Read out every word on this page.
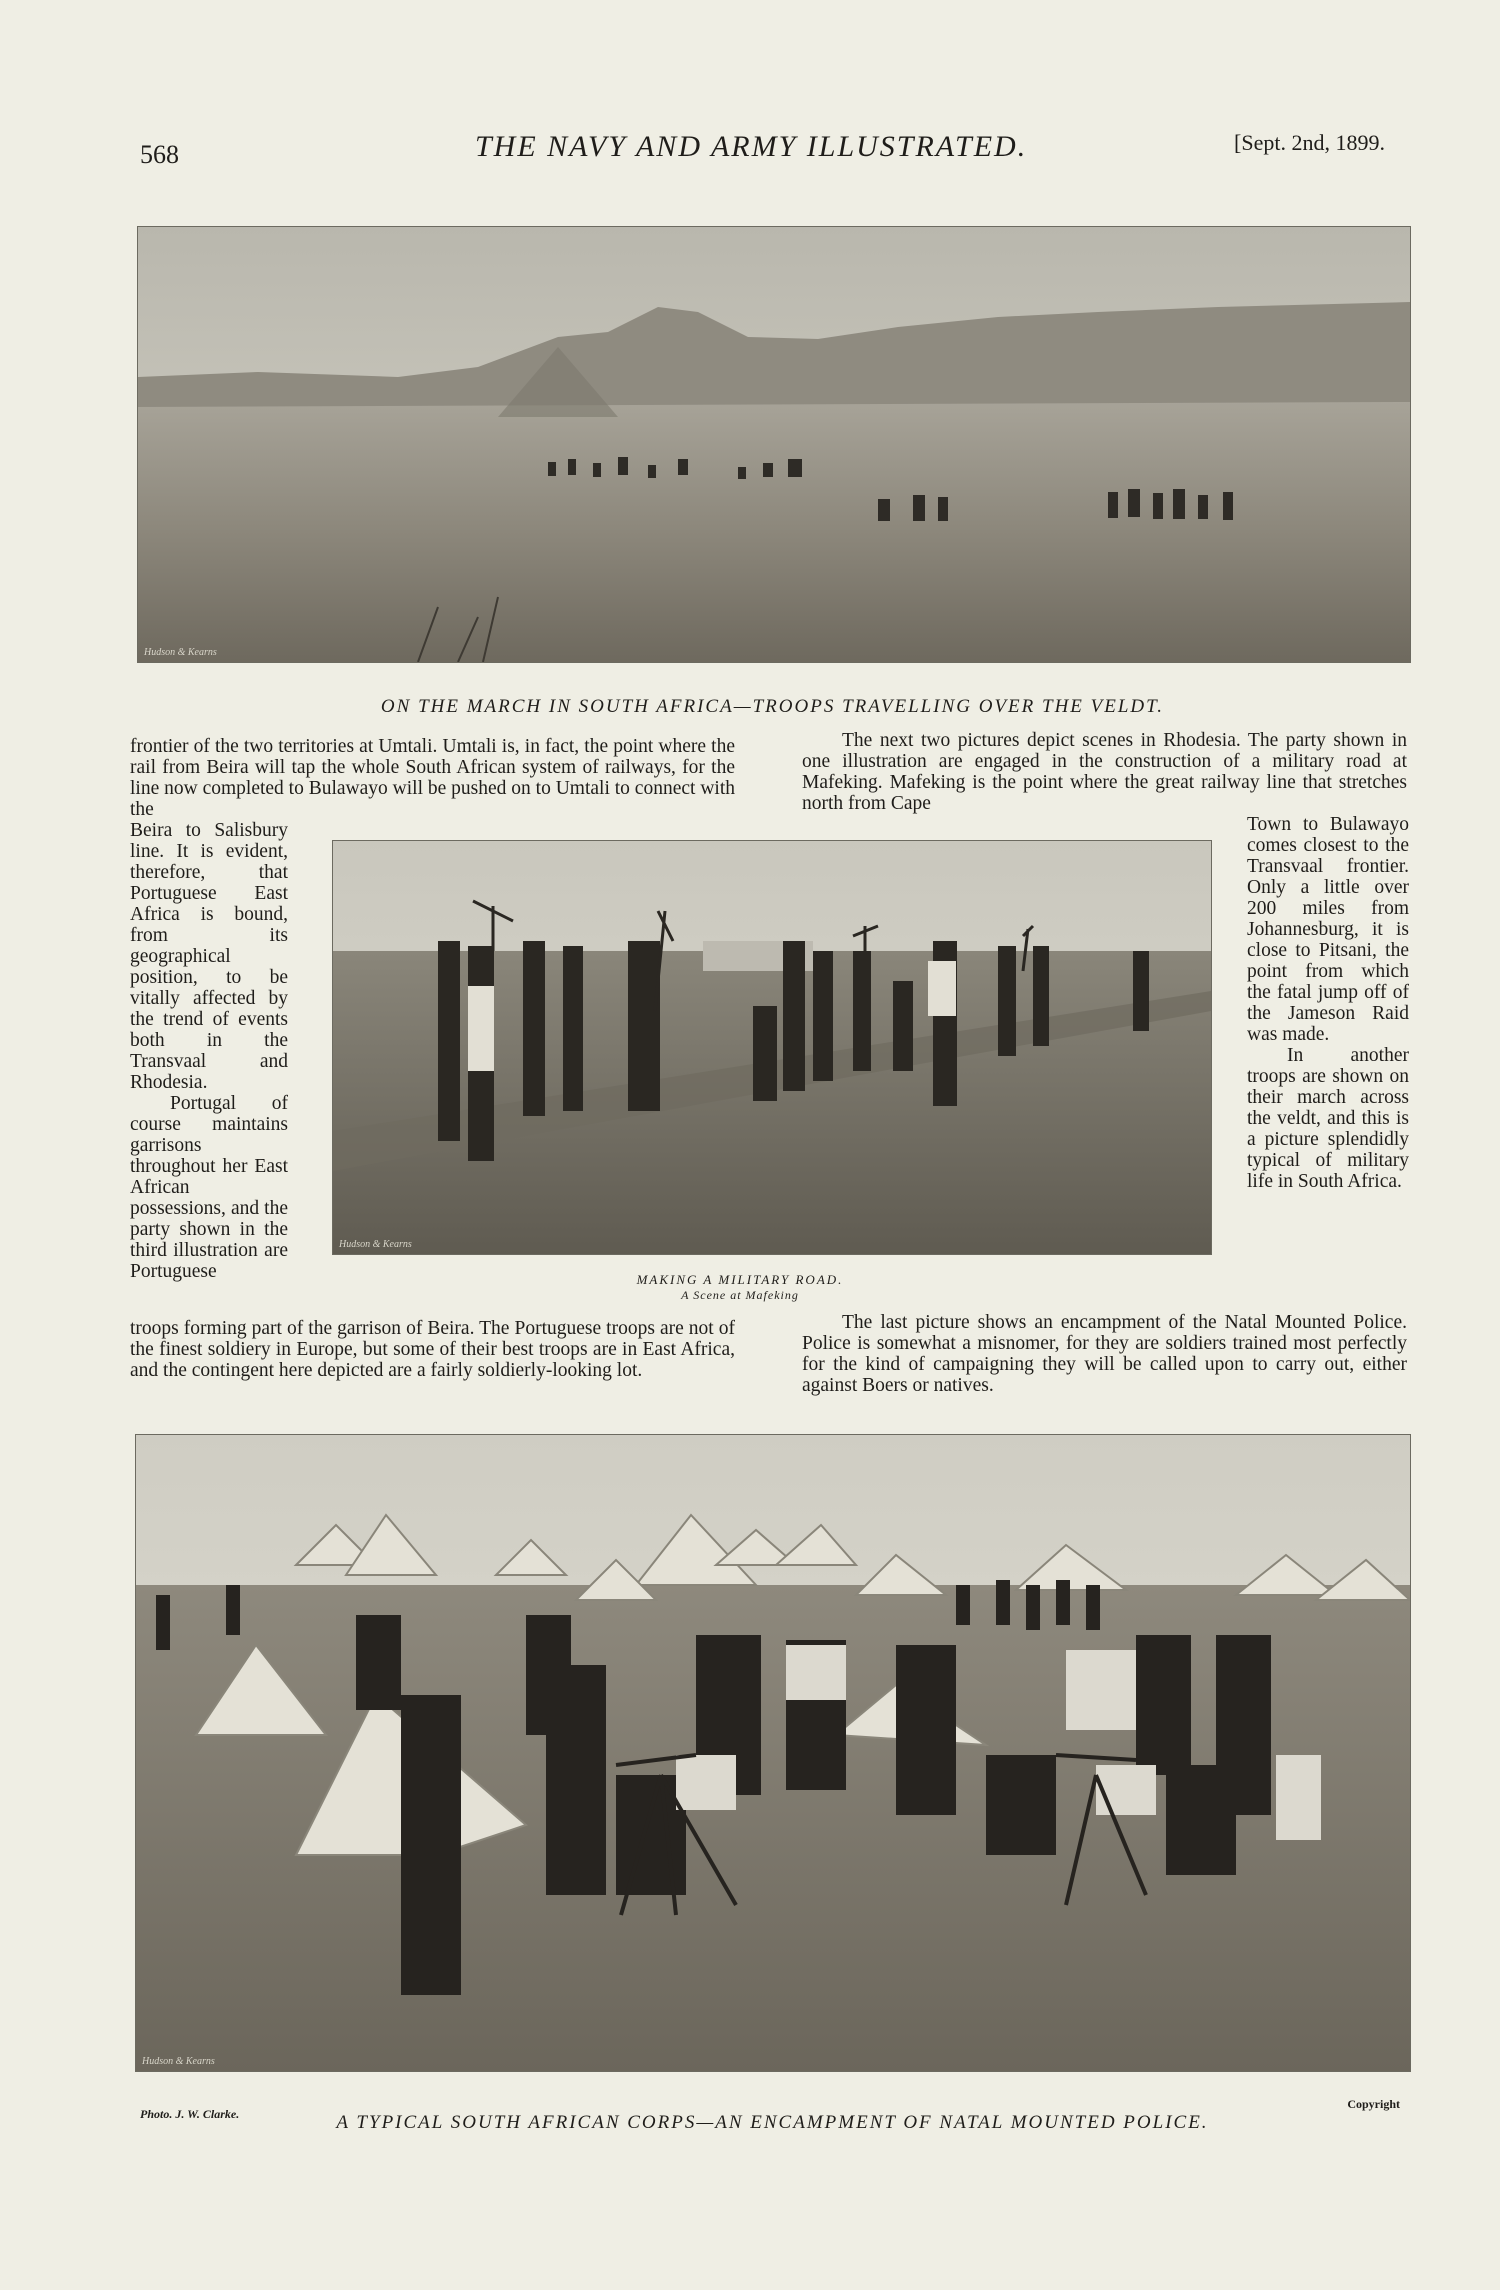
568	THE NAVY AND ARMY ILLUSTRATED.	[Sept. 2nd, 1899.
Hudson & Kearns
ON THE MARCH IN SOUTH AFRICA—TROOPS TRAVELLING OVER THE VELDT.
frontier of the two territories at Umtali. Umtali is, in fact, the point where the rail from Beira will tap the whole South African system of railways, for the line now completed to Bulawayo will be pushed on to Umtali to connect with the
Beira to Salisbury line. It is evident, therefore, that Portuguese East Africa is bound, from its geographical position, to be vitally affected by the trend of events both in the Transvaal and Rhodesia.
Portugal of course maintains garrisons throughout her East African possessions, and the party shown in the third illustration are Portuguese
troops forming part of the garrison of Beira. The Portuguese troops are not of the finest soldiery in Europe, but some of their best troops are in East Africa, and the contingent here depicted are a fairly soldierly-looking lot.
The next two pictures depict scenes in Rhodesia. The party shown in one illustration are engaged in the construction of a military road at Mafeking. Mafeking is the point where the great railway line that stretches north from Cape
Town to Bulawayo comes closest to the Transvaal frontier. Only a little over 200 miles from Johannesburg, it is close to Pitsani, the point from which the fatal jump off of the Jameson Raid was made.
In another troops are shown on their march across the veldt, and this is a picture splendidly typical of military life in South Africa.
The last picture shows an encampment of the Natal Mounted Police. Police is somewhat a misnomer, for they are soldiers trained most perfectly for the kind of campaigning they will be called upon to carry out, either against Boers or natives.
Hudson & Kearns
MAKING A MILITARY ROAD.
A Scene at Mafeking
Hudson & Kearns
Photo. J. W. Clarke.
Copyright
A TYPICAL SOUTH AFRICAN CORPS—AN ENCAMPMENT OF NATAL MOUNTED POLICE.
